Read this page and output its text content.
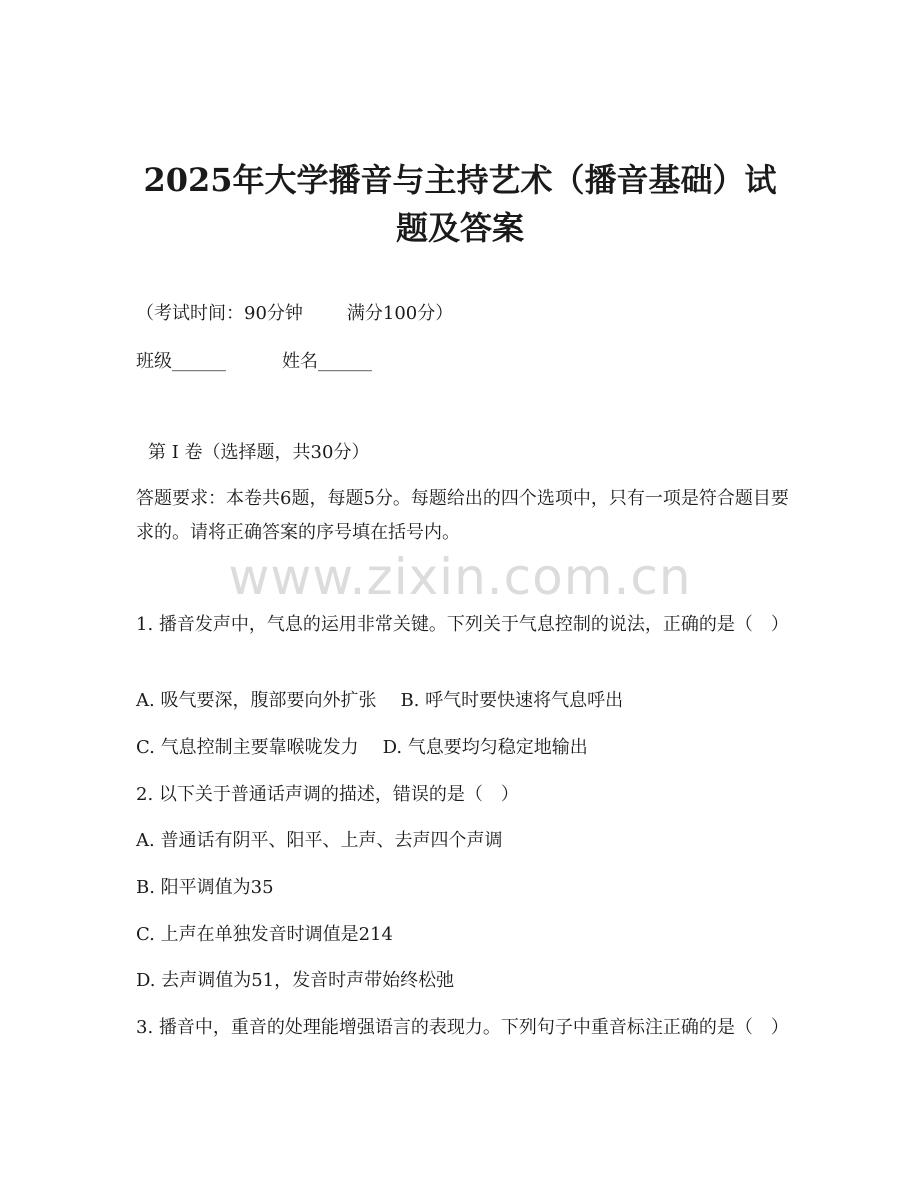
2025年大学播音与主持艺术（播音基础）试
题及答案
（考试时间：90分钟 满分100分）
班级______	姓名______
第 I 卷（选择题，共30分）

答题要求：本卷共6题，每题5分。每题给出的四个选项中，只有一项是符合题目要求的。请将正确答案的序号填在括号内。

www.zixin.com.cn

1. 播音发声中，气息的运用非常关键。下列关于气息控制的说法，正确的是（　）

A. 吸气要深，腹部要向外扩张 B. 呼气时要快速将气息呼出
C. 气息控制主要靠喉咙发力 D. 气息要均匀稳定地输出
2. 以下关于普通话声调的描述，错误的是（　）
A. 普通话有阴平、阳平、上声、去声四个声调
B. 阳平调值为35
C. 上声在单独发音时调值是214
D. 去声调值为51，发音时声带始终松弛

3. 播音中，重音的处理能增强语言的表现力。下列句子中重音标注正确的是（　）
